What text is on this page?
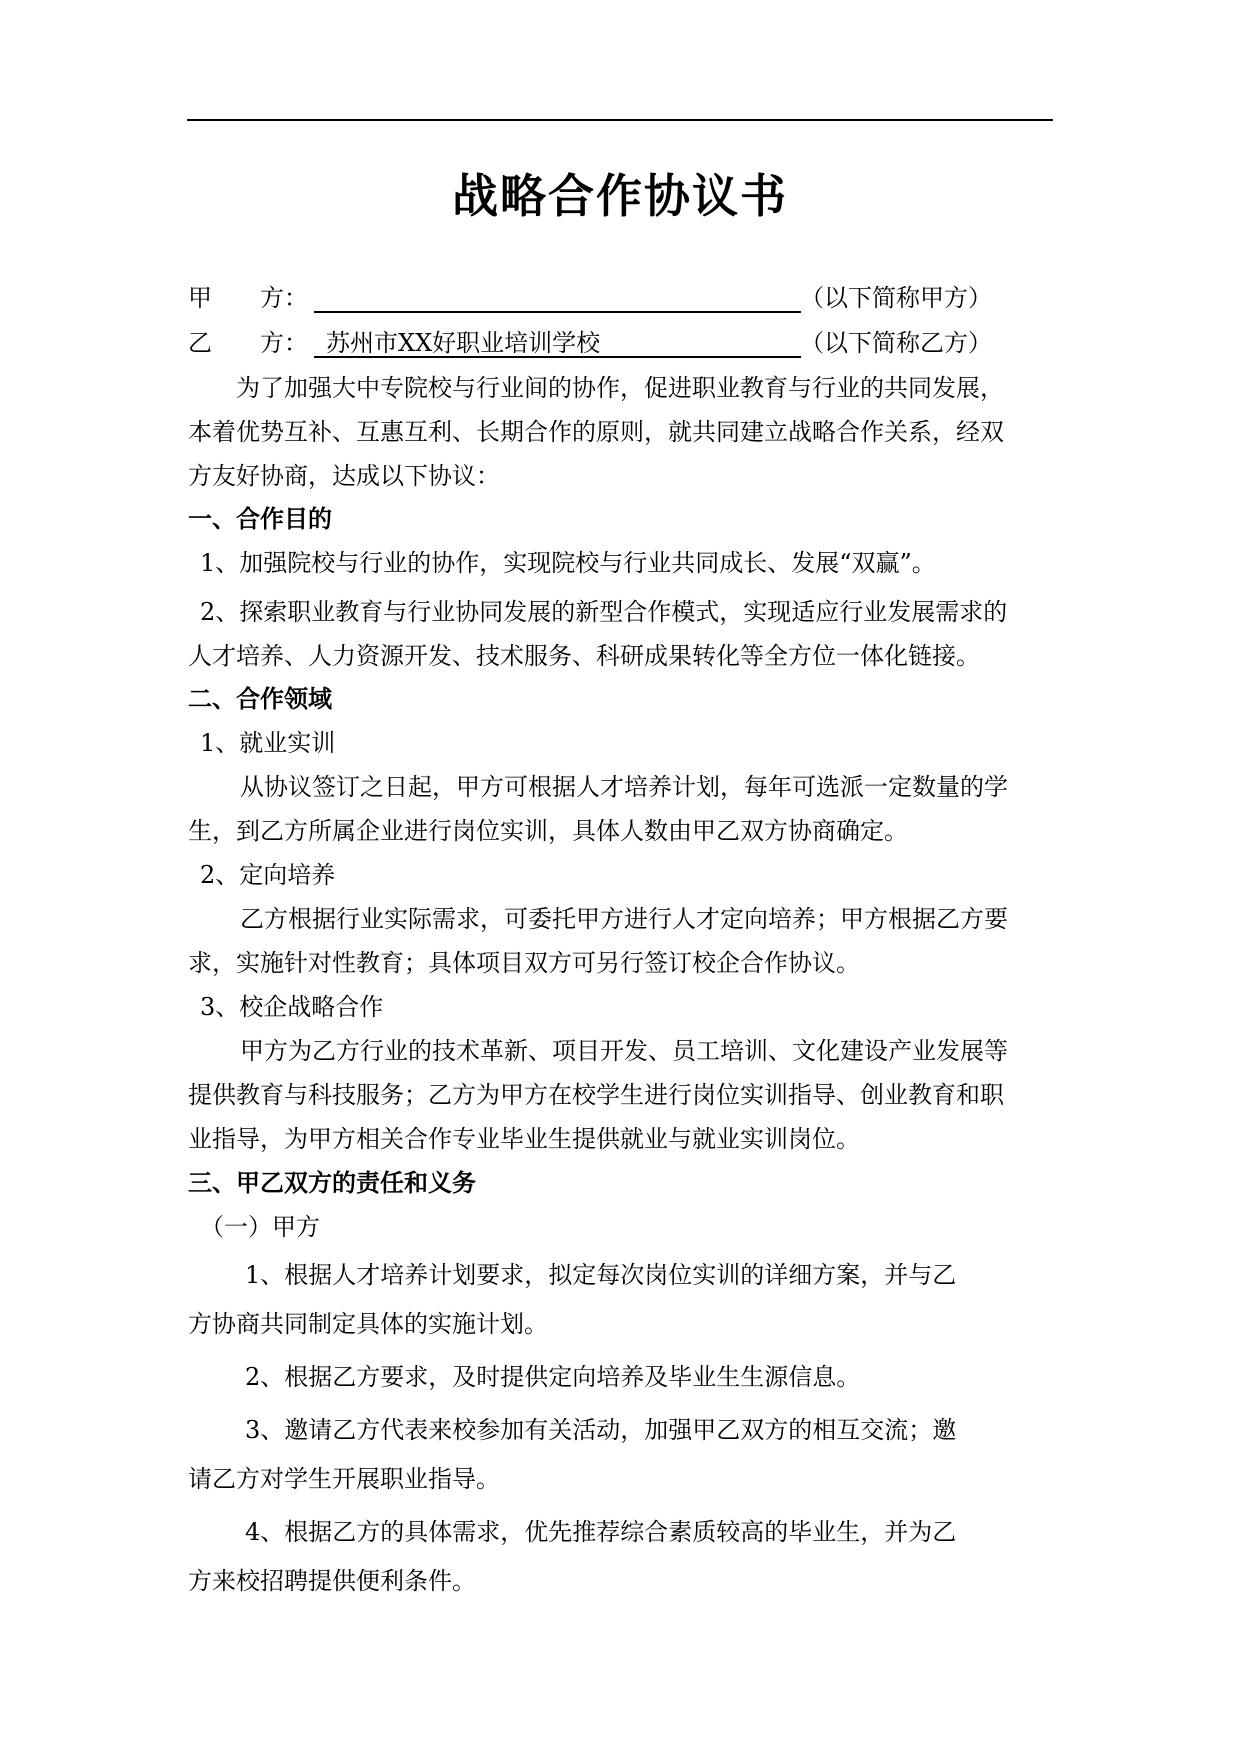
战略合作协议书
甲　　方：	（以下简称甲方）
乙　　方： 苏州市XX好职业培训学校	（以下简称乙方）
　　为了加强大中专院校与行业间的协作，促进职业教育与行业的共同发展，
本着优势互补、互惠互利、长期合作的原则，就共同建立战略合作关系，经双
方友好协商，达成以下协议：
一、合作目的
1、加强院校与行业的协作，实现院校与行业共同成长、发展“双赢”。
2、探索职业教育与行业协同发展的新型合作模式，实现适应行业发展需求的
人才培养、人力资源开发、技术服务、科研成果转化等全方位一体化链接。
二、合作领域
1、就业实训
从协议签订之日起，甲方可根据人才培养计划，每年可选派一定数量的学
生，到乙方所属企业进行岗位实训，具体人数由甲乙双方协商确定。
2、定向培养
乙方根据行业实际需求，可委托甲方进行人才定向培养；甲方根据乙方要
求，实施针对性教育；具体项目双方可另行签订校企合作协议。
3、校企战略合作
甲方为乙方行业的技术革新、项目开发、员工培训、文化建设产业发展等
提供教育与科技服务；乙方为甲方在校学生进行岗位实训指导、创业教育和职
业指导，为甲方相关合作专业毕业生提供就业与就业实训岗位。
三、甲乙双方的责任和义务
（一）甲方
1、根据人才培养计划要求，拟定每次岗位实训的详细方案，并与乙
方协商共同制定具体的实施计划。
2、根据乙方要求，及时提供定向培养及毕业生生源信息。
3、邀请乙方代表来校参加有关活动，加强甲乙双方的相互交流；邀
请乙方对学生开展职业指导。
4、根据乙方的具体需求，优先推荐综合素质较高的毕业生，并为乙
方来校招聘提供便利条件。
